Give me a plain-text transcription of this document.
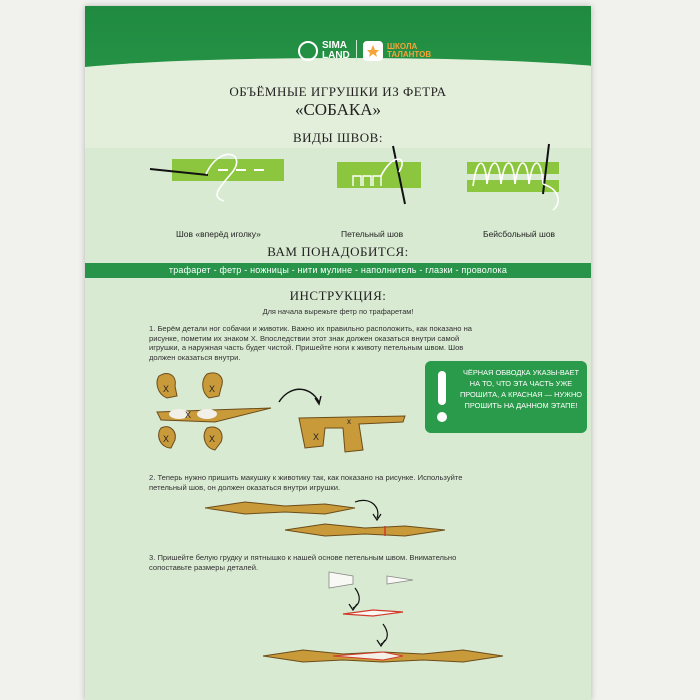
SIMA LAND
ШКОЛА
ТАЛАНТОВ
ОБЪЁМНЫЕ ИГРУШКИ ИЗ ФЕТРА
«СОБАКА»
ВИДЫ ШВОВ:
Шов «вперёд иголку»	Петельный шов	Бейсбольный шов
ВАМ ПОНАДОБИТСЯ:
трафарет - фетр - ножницы - нити мулине - наполнитель - глазки - проволока
ИНСТРУКЦИЯ:
Для начала вырежьте фетр по трафаретам!
1. Берём детали ног собачки и животик. Важно их правильно расположить, как показано на рисунке, пометим их знаком Х. Впоследствии этот знак должен оказаться внутри самой игрушки, а наружная часть будет чистой. Пришейте ноги к животу петельным швом. Шов должен оказаться внутри.
X	X
X
X	X	X
x
ЧЁРНАЯ ОБВОДКА УКАЗЫ-ВАЕТ НА ТО, ЧТО ЭТА ЧАСТЬ УЖЕ ПРОШИТА, А КРАСНАЯ — НУЖНО ПРОШИТЬ НА ДАННОМ ЭТАПЕ!
2. Теперь нужно пришить макушку к животику так, как показано на рисунке. Используйте петельный шов, он должен оказаться внутри игрушки.
3. Пришейте белую грудку и пятнышко к нашей основе петельным швом. Внимательно сопоставьте размеры деталей.
